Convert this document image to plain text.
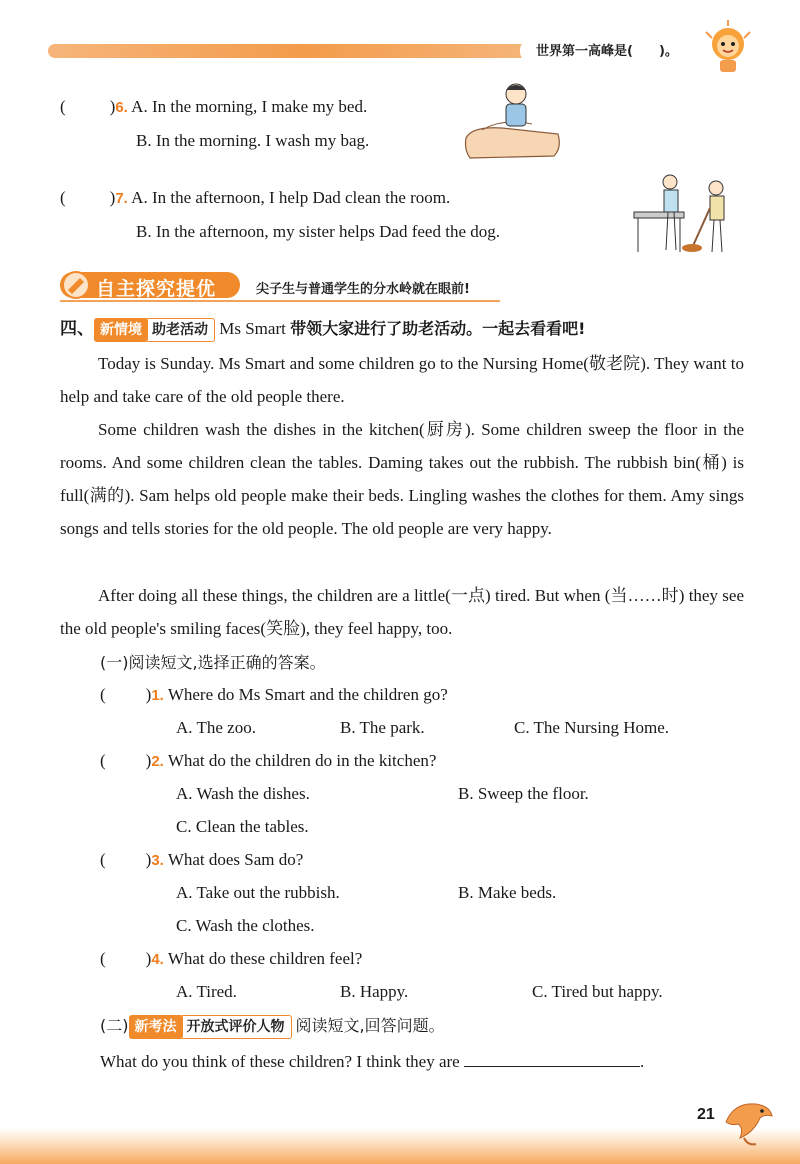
世界第一高峰是(　　)。
(	)6. A. In the morning, I make my bed.
B. In the morning. I wash my bag.
(	)7. A. In the afternoon, I help Dad clean the room.
B. In the afternoon, my sister helps Dad feed the dog.
自主探究提优	尖子生与普通学生的分水岭就在眼前!
四、 新情境 助老活动 Ms Smart 带领大家进行了助老活动。一起去看看吧!
Today is Sunday. Ms Smart and some children go to the Nursing Home(敬老院). They want to help and take care of the old people there.
Some children wash the dishes in the kitchen(厨房). Some children sweep the floor in the rooms. And some children clean the tables. Daming takes out the rubbish. The rubbish bin(桶) is full(满的). Sam helps old people make their beds. Lingling washes the clothes for them. Amy sings songs and tells stories for the old people. The old people are very happy.
After doing all these things, the children are a little(一点) tired. But when (当……时) they see the old people's smiling faces(笑脸), they feel happy, too.
(一)阅读短文,选择正确的答案。
( )1. Where do Ms Smart and the children go?
A. The zoo.	B. The park.	C. The Nursing Home.
( )2. What do the children do in the kitchen?
A. Wash the dishes.	B. Sweep the floor.
C. Clean the tables.
( )3. What does Sam do?
A. Take out the rubbish.	B. Make beds.
C. Wash the clothes.
( )4. What do these children feel?
A. Tired.	B. Happy.	C. Tired but happy.
(二) 新考法 开放式评价人物 阅读短文,回答问题。
What do you think of these children? I think they are	.
21
